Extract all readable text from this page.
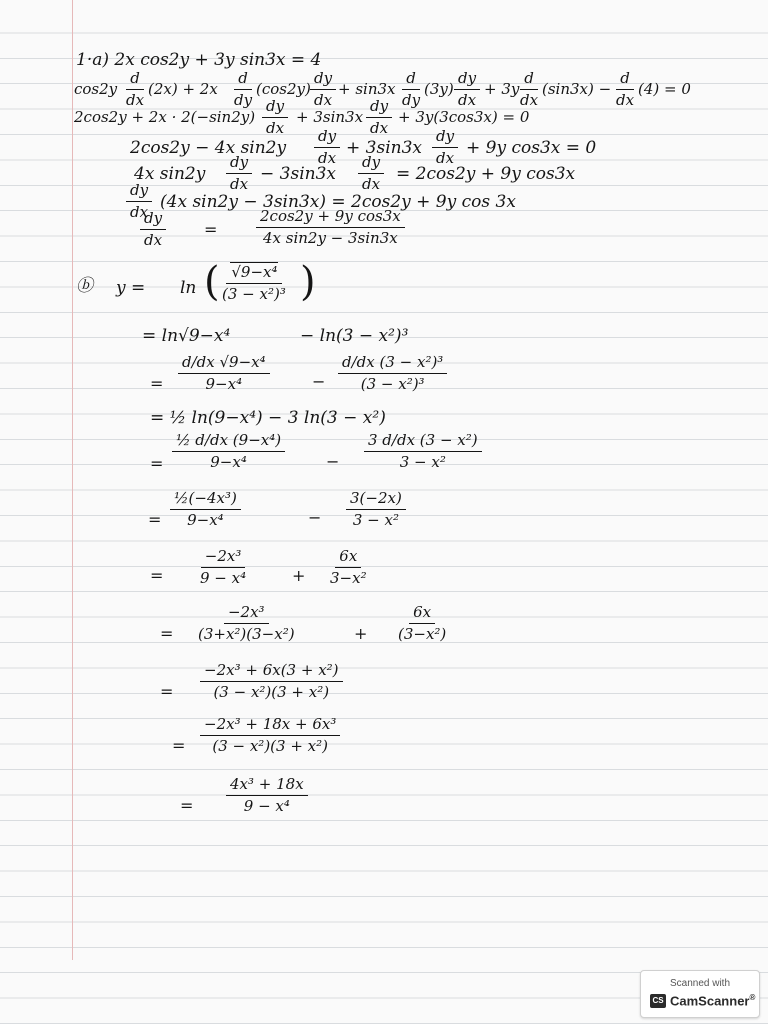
1·a) 2x cos2y + 3y sin3x = 4
$\cos 2y \frac{d}{dx} (2x) + 2x \frac{d}{dy} (\cos 2y) \frac{dy}{dx} + \sin 3x \frac{d}{dy} (3y) \frac{dy}{dx} + 3y$
$\frac{d}{dx} (\sin 3x) - \frac{d}{dx} (4) = 0$
$2\cos 2y + 2x \cdot 2(-\sin 2y) \frac{dy}{dx} + 3\sin 3x \frac{dy}{dx} + 3y(3\cos 3x) = 0$
2cos2y − 4x $\sin 2y \frac{dy}{dx} + 3\sin 3x \frac{dy}{dx} + 9y$ cos3x = 0
4x $\sin 2y \frac{dy}{dx} - 3\sin 3x \frac{dy}{dx} = 2\cos 2y + 9y$ cos3x
$\frac{dy}{dx} (4x$ sin2y − 3sin3x) = 2cos2y + 9y cos 3x
$\frac{dy}{dx}$ =	$\frac{\text{2cos2y + 9y cos3x}}{\text{4x sin2y − 3sin3x}}$
ⓑ y = ln (
$\frac{\text{√9−x⁴}}{\text{(3 − x²)³}}$ )
= ln√9−x⁴	− ln(3 − x²)³
= $\frac{\text{d/dx √9−x⁴}}{\text{9−x⁴}}$	− $\frac{\text{d/dx (3 − x²)³}}{\text{(3 − x²)³}}$
= ½ ln(9−x⁴) − 3 ln(3 − x²)
= $\frac{\text{½ d/dx (9−x⁴)}}{\text{9−x⁴}}$	− $\frac{\text{3 d/dx (3 − x²)}}{\text{3 − x²}}$
= $\frac{\text{½(−4x³)}}{\text{9−x⁴}}$	− $\frac{3(-2x)}{\text{3 − x²}}$
= $\frac{\text{−2x³}}{\text{9 − x⁴}}$	+ $\frac{6x}{\text{3−x²}}$
= $\frac{\text{−2x³}}{\text{(3+x²)(3−x²)}}$	+ $\frac{6x}{\text{(3−x²)}}$
= $\frac{\text{−2x³ + 6x(3 + x²)}}{\text{(3 − x²)(3 + x²)}}$
= $\frac{\text{−2x³ + 18x + 6x³}}{\text{(3 − x²)(3 + x²)}}$
= $\frac{\text{4x³ + 18x}}{\text{9 − x⁴}}$
Scanned with
CS CamScanner®
